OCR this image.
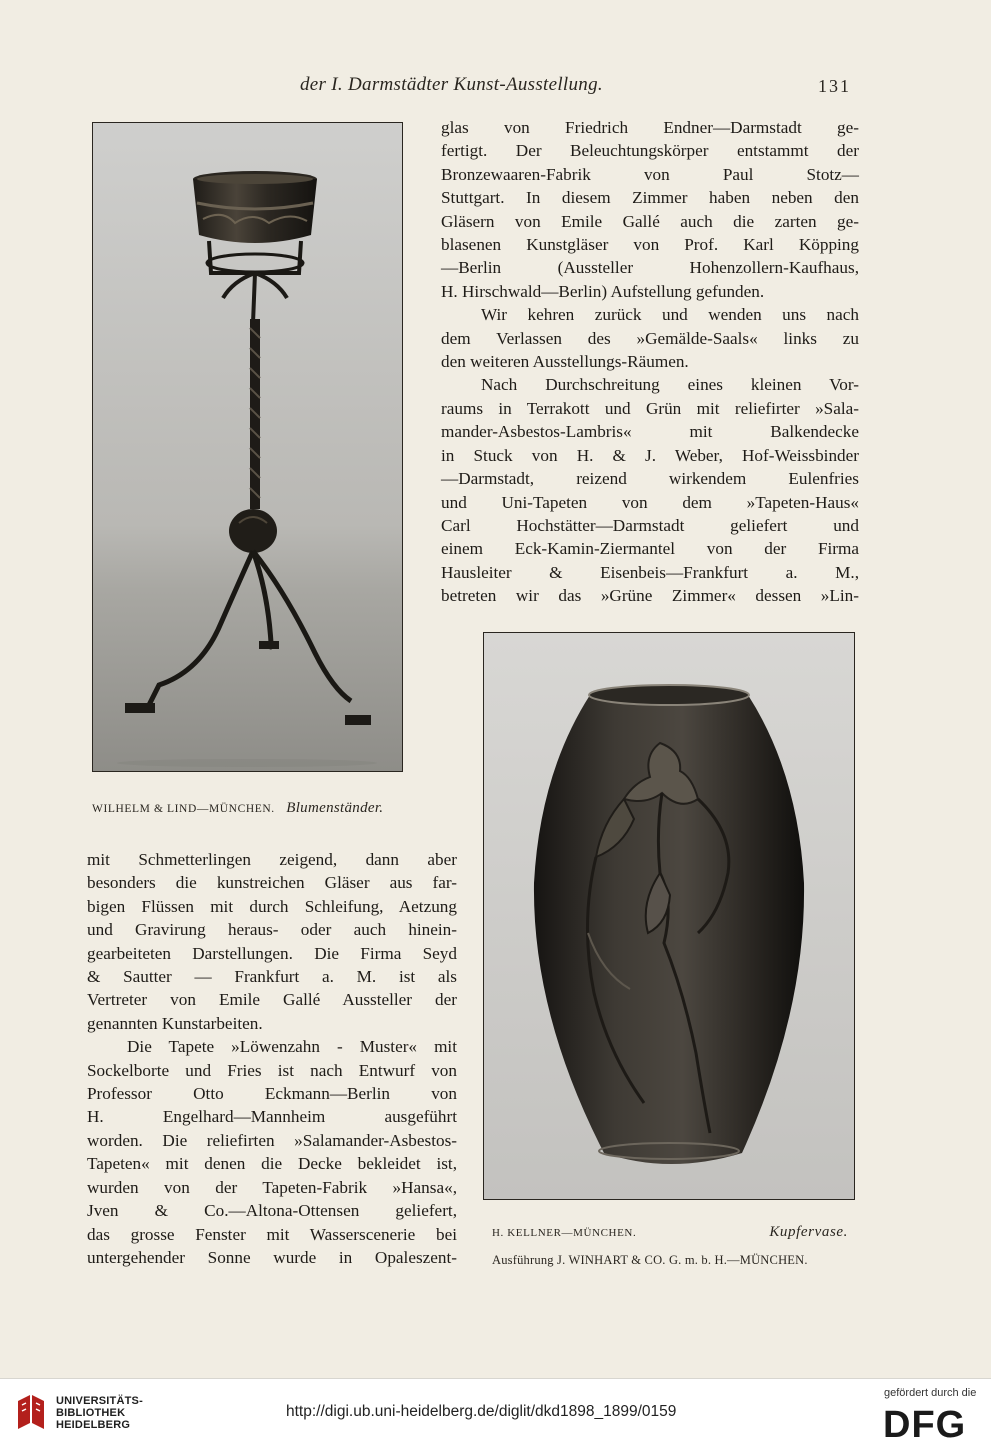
der I. Darmstädter Kunst-Ausstellung.	131
glas von Friedrich Endner—Darmstadt ge-
fertigt. Der Beleuchtungskörper entstammt der
Bronzewaaren-Fabrik von Paul Stotz—
Stuttgart. In diesem Zimmer haben neben den
Gläsern von Emile Gallé auch die zarten ge-
blasenen Kunstgläser von Prof. Karl Köpping
—Berlin (Aussteller Hohenzollern-Kaufhaus,
H. Hirschwald—Berlin) Aufstellung gefunden.
Wir kehren zurück und wenden uns nach
dem Verlassen des »Gemälde-Saals« links zu
den weiteren Ausstellungs-Räumen.
Nach Durchschreitung eines kleinen Vor-
raums in Terrakott und Grün mit reliefirter »Sala-
mander-Asbestos-Lambris« mit Balkendecke
in Stuck von H. & J. Weber, Hof-Weissbinder
—Darmstadt, reizend wirkendem Eulenfries
und Uni-Tapeten von dem »Tapeten-Haus«
Carl Hochstätter—Darmstadt geliefert und
einem Eck-Kamin-Ziermantel von der Firma
Hausleiter & Eisenbeis—Frankfurt a. M.,
betreten wir das »Grüne Zimmer« dessen »Lin-
WILHELM & LIND—MÜNCHEN. Blumenständer.
mit Schmetterlingen zeigend, dann aber
besonders die kunstreichen Gläser aus far-
bigen Flüssen mit durch Schleifung, Aetzung
und Gravirung heraus- oder auch hinein-
gearbeiteten Darstellungen. Die Firma Seyd
& Sautter — Frankfurt a. M. ist als
Vertreter von Emile Gallé Aussteller der
genannten Kunstarbeiten.
Die Tapete »Löwenzahn - Muster« mit
Sockelborte und Fries ist nach Entwurf von
Professor Otto Eckmann—Berlin von
H. Engelhard—Mannheim ausgeführt
worden. Die reliefirten »Salamander-Asbestos-
Tapeten« mit denen die Decke bekleidet ist,
wurden von der Tapeten-Fabrik »Hansa«,
Jven & Co.—Altona-Ottensen geliefert,
das grosse Fenster mit Wasserscenerie bei
untergehender Sonne wurde in Opaleszent-
H. KELLNER—MÜNCHEN.	Kupfervase.
Ausführung J. WINHART & CO. G. m. b. H.—MÜNCHEN.
UNIVERSITÄTS-
BIBLIOTHEK
HEIDELBERG
http://digi.ub.uni-heidelberg.de/diglit/dkd1898_1899/0159
gefördert durch die
DFG
